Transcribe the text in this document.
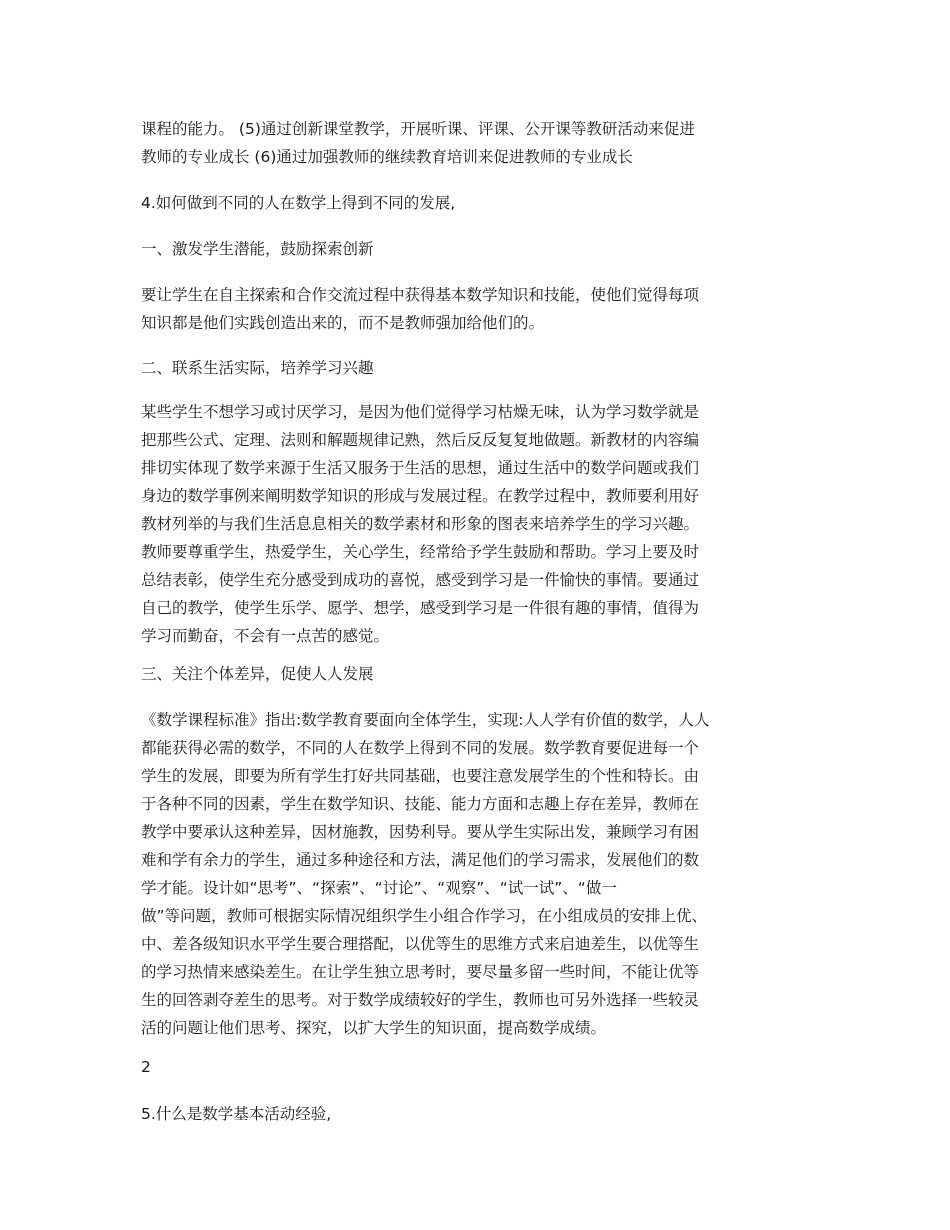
课程的能力。 (5)通过创新课堂教学，开展听课、评课、公开课等教研活动来促进
教师的专业成长 (6)通过加强教师的继续教育培训来促进教师的专业成长

4.如何做到不同的人在数学上得到不同的发展,

一、激发学生潜能，鼓励探索创新

要让学生在自主探索和合作交流过程中获得基本数学知识和技能，使他们觉得每项
知识都是他们实践创造出来的，而不是教师强加给他们的。

二、联系生活实际，培养学习兴趣

某些学生不想学习或讨厌学习，是因为他们觉得学习枯燥无味，认为学习数学就是
把那些公式、定理、法则和解题规律记熟，然后反反复复地做题。新教材的内容编
排切实体现了数学来源于生活又服务于生活的思想，通过生活中的数学问题或我们
身边的数学事例来阐明数学知识的形成与发展过程。在教学过程中，教师要利用好
教材列举的与我们生活息息相关的数学素材和形象的图表来培养学生的学习兴趣。
教师要尊重学生，热爱学生，关心学生，经常给予学生鼓励和帮助。学习上要及时
总结表彰，使学生充分感受到成功的喜悦，感受到学习是一件愉快的事情。要通过
自己的教学，使学生乐学、愿学、想学，感受到学习是一件很有趣的事情，值得为
学习而勤奋，不会有一点苦的感觉。

三、关注个体差异，促使人人发展

《数学课程标准》指出:数学教育要面向全体学生，实现:人人学有价值的数学，人人
都能获得必需的数学，不同的人在数学上得到不同的发展。数学教育要促进每一个
学生的发展，即要为所有学生打好共同基础，也要注意发展学生的个性和特长。由
于各种不同的因素，学生在数学知识、技能、能力方面和志趣上存在差异，教师在
教学中要承认这种差异，因材施教，因势利导。要从学生实际出发，兼顾学习有困
难和学有余力的学生，通过多种途径和方法，满足他们的学习需求，发展他们的数
学才能。设计如“思考”、“探索”、“讨论”、“观察”、“试一试”、“做一
做”等问题，教师可根据实际情况组织学生小组合作学习，在小组成员的安排上优、
中、差各级知识水平学生要合理搭配，以优等生的思维方式来启迪差生，以优等生
的学习热情来感染差生。在让学生独立思考时，要尽量多留一些时间，不能让优等
生的回答剥夺差生的思考。对于数学成绩较好的学生，教师也可另外选择一些较灵
活的问题让他们思考、探究，以扩大学生的知识面，提高数学成绩。

2

5.什么是数学基本活动经验,
